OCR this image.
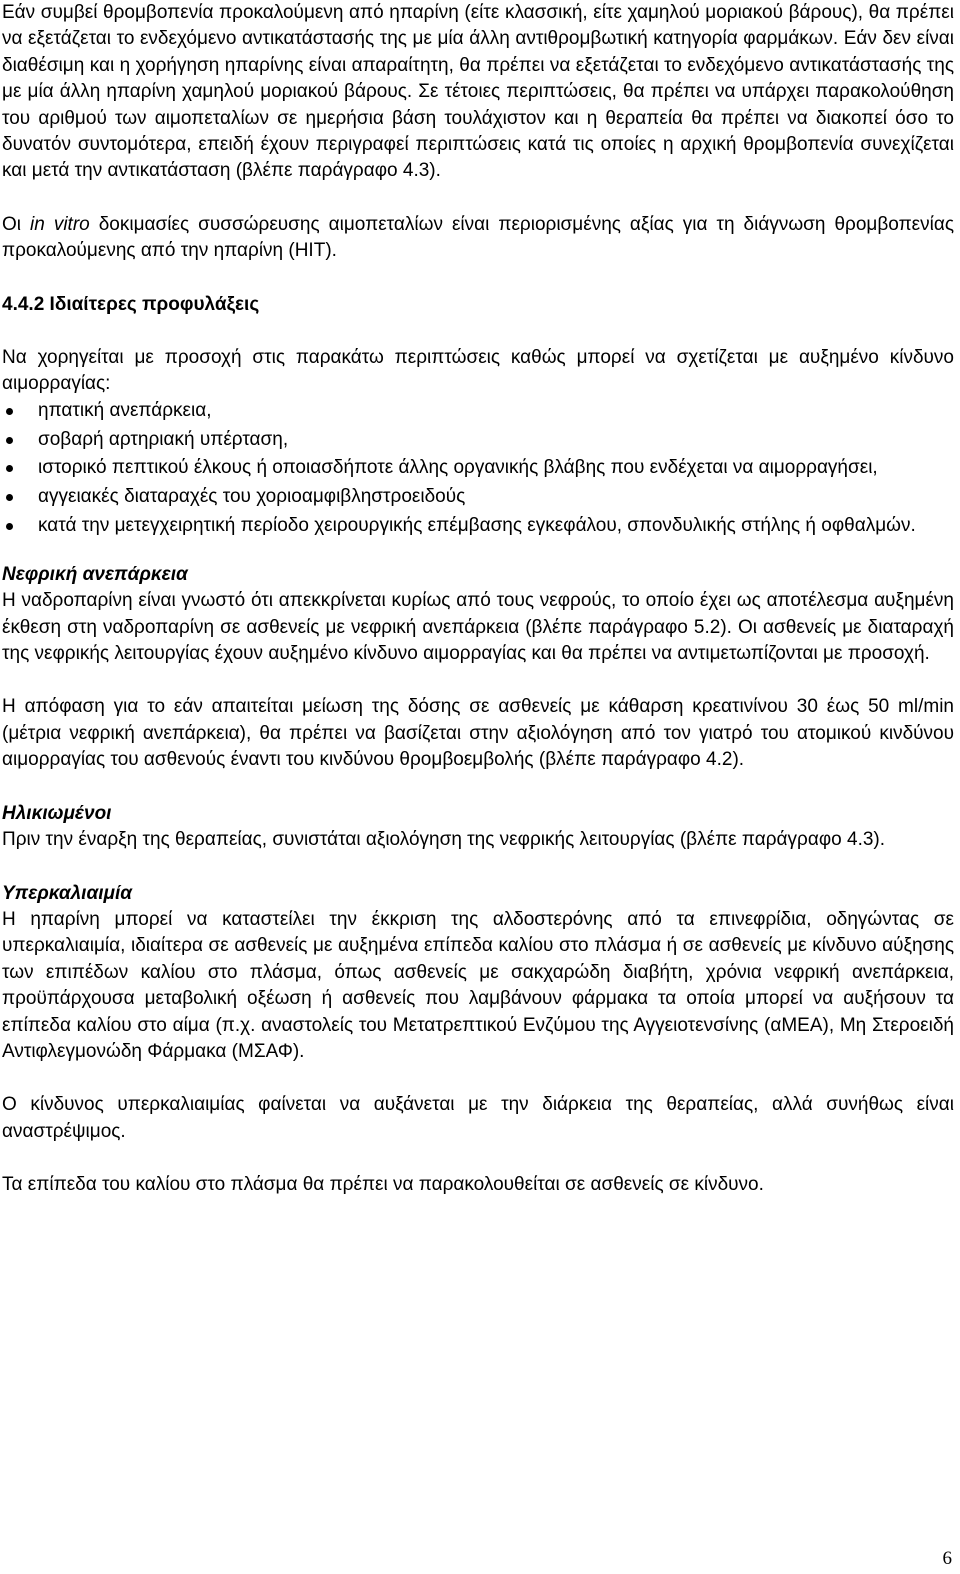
Εάν συμβεί θρομβοπενία προκαλούμενη από ηπαρίνη (είτε κλασσική, είτε χαμηλού μοριακού βάρους), θα πρέπει να εξετάζεται το ενδεχόμενο αντικατάστασής της με μία άλλη αντιθρομβωτική κατηγορία φαρμάκων. Εάν δεν είναι διαθέσιμη και η χορήγηση ηπαρίνης είναι απαραίτητη, θα πρέπει να εξετάζεται το ενδεχόμενο αντικατάστασής της με μία άλλη ηπαρίνη χαμηλού μοριακού βάρους. Σε τέτοιες περιπτώσεις, θα πρέπει να υπάρχει παρακολούθηση του αριθμού των αιμοπεταλίων σε ημερήσια βάση τουλάχιστον και η θεραπεία θα πρέπει να διακοπεί όσο το δυνατόν συντομότερα, επειδή έχουν περιγραφεί περιπτώσεις κατά τις οποίες η αρχική θρομβοπενία συνεχίζεται και μετά την αντικατάσταση (βλέπε παράγραφο 4.3).

Οι in vitro δοκιμασίες συσσώρευσης αιμοπεταλίων είναι περιορισμένης αξίας για τη διάγνωση θρομβοπενίας προκαλούμενης από την ηπαρίνη (HIT).

4.4.2 Ιδιαίτερες προφυλάξεις

Να χορηγείται με προσοχή στις παρακάτω περιπτώσεις καθώς μπορεί να σχετίζεται με αυξημένο κίνδυνο αιμορραγίας:

ηπατική ανεπάρκεια,
σοβαρή αρτηριακή υπέρταση,
ιστορικό πεπτικού έλκους ή οποιασδήποτε άλλης οργανικής βλάβης που ενδέχεται να αιμορραγήσει,
αγγειακές διαταραχές του χοριοαμφιβληστροειδούς
κατά την μετεγχειρητική περίοδο χειρουργικής επέμβασης εγκεφάλου, σπονδυλικής στήλης ή οφθαλμών.
Νεφρική ανεπάρκεια

Η ναδροπαρίνη είναι γνωστό ότι απεκκρίνεται κυρίως από τους νεφρούς, το οποίο έχει ως αποτέλεσμα αυξημένη έκθεση στη ναδροπαρίνη σε ασθενείς με νεφρική ανεπάρκεια (βλέπε παράγραφο 5.2). Οι ασθενείς με διαταραχή της νεφρικής λειτουργίας έχουν αυξημένο κίνδυνο αιμορραγίας και θα πρέπει να αντιμετωπίζονται με προσοχή.

Η απόφαση για το εάν απαιτείται μείωση της δόσης σε ασθενείς με κάθαρση κρεατινίνου 30 έως 50 ml/min (μέτρια νεφρική ανεπάρκεια), θα πρέπει να βασίζεται στην αξιολόγηση από τον γιατρό του ατομικού κινδύνου αιμορραγίας του ασθενούς έναντι του κινδύνου θρομβοεμβολής (βλέπε παράγραφο 4.2).

Ηλικιωμένοι

Πριν την έναρξη της θεραπείας, συνιστάται αξιολόγηση της νεφρικής λειτουργίας (βλέπε παράγραφο 4.3).

Υπερκαλιαιμία

Η ηπαρίνη μπορεί να καταστείλει την έκκριση της αλδοστερόνης από τα επινεφρίδια, οδηγώντας σε υπερκαλιαιμία, ιδιαίτερα σε ασθενείς με αυξημένα επίπεδα καλίου στο πλάσμα ή σε ασθενείς με κίνδυνο αύξησης των επιπέδων καλίου στο πλάσμα, όπως ασθενείς με σακχαρώδη διαβήτη, χρόνια νεφρική ανεπάρκεια, προϋπάρχουσα μεταβολική οξέωση ή ασθενείς που λαμβάνουν φάρμακα τα οποία μπορεί να αυξήσουν τα επίπεδα καλίου στο αίμα (π.χ. αναστολείς του Μετατρεπτικού Ενζύμου της Αγγειοτενσίνης (αΜΕΑ), Μη Στεροειδή Αντιφλεγμονώδη Φάρμακα (ΜΣΑΦ).

Ο κίνδυνος υπερκαλιαιμίας φαίνεται να αυξάνεται με την διάρκεια της θεραπείας, αλλά συνήθως είναι αναστρέψιμος.

Τα επίπεδα του καλίου στο πλάσμα θα πρέπει να παρακολουθείται σε ασθενείς σε κίνδυνο.

6
